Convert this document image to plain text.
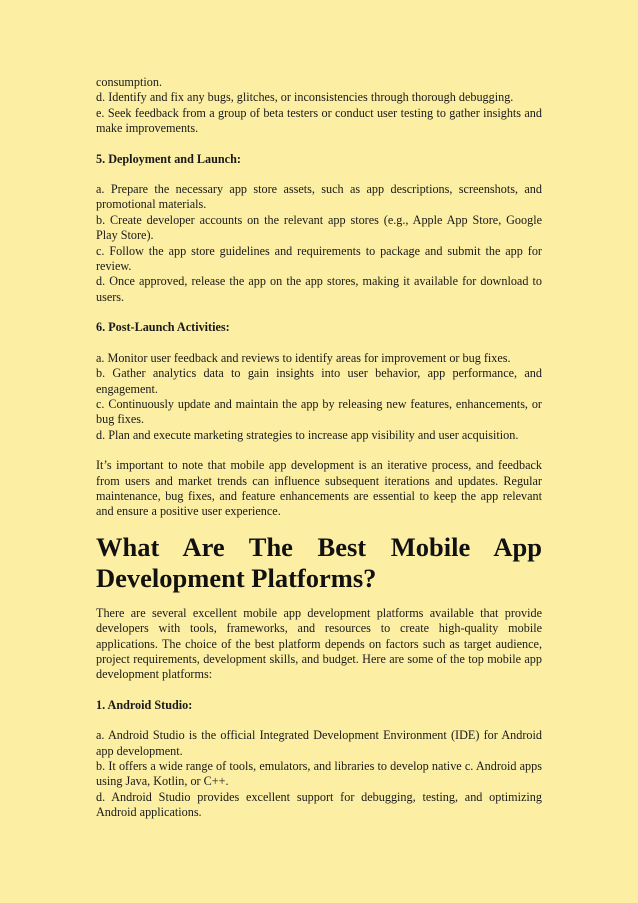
consumption.

d. Identify and fix any bugs, glitches, or inconsistencies through thorough debugging.

e. Seek feedback from a group of beta testers or conduct user testing to gather insights and make improvements.

5. Deployment and Launch:

a. Prepare the necessary app store assets, such as app descriptions, screenshots, and promotional materials.

b. Create developer accounts on the relevant app stores (e.g., Apple App Store, Google Play Store).

c. Follow the app store guidelines and requirements to package and submit the app for review.

d. Once approved, release the app on the app stores, making it available for download to users.

6. Post-Launch Activities:

a. Monitor user feedback and reviews to identify areas for improvement or bug fixes.

b. Gather analytics data to gain insights into user behavior, app performance, and engagement.

c. Continuously update and maintain the app by releasing new features, enhancements, or bug fixes.

d. Plan and execute marketing strategies to increase app visibility and user acquisition.

It’s important to note that mobile app development is an iterative process, and feedback from users and market trends can influence subsequent iterations and updates. Regular maintenance, bug fixes, and feature enhancements are essential to keep the app relevant and ensure a positive user experience.

What Are The Best Mobile App Development Platforms?

There are several excellent mobile app development platforms available that provide developers with tools, frameworks, and resources to create high-quality mobile applications. The choice of the best platform depends on factors such as target audience, project requirements, development skills, and budget. Here are some of the top mobile app development platforms:

1. Android Studio:

a. Android Studio is the official Integrated Development Environment (IDE) for Android app development.

b. It offers a wide range of tools, emulators, and libraries to develop native c. Android apps using Java, Kotlin, or C++.

d. Android Studio provides excellent support for debugging, testing, and optimizing Android applications.
